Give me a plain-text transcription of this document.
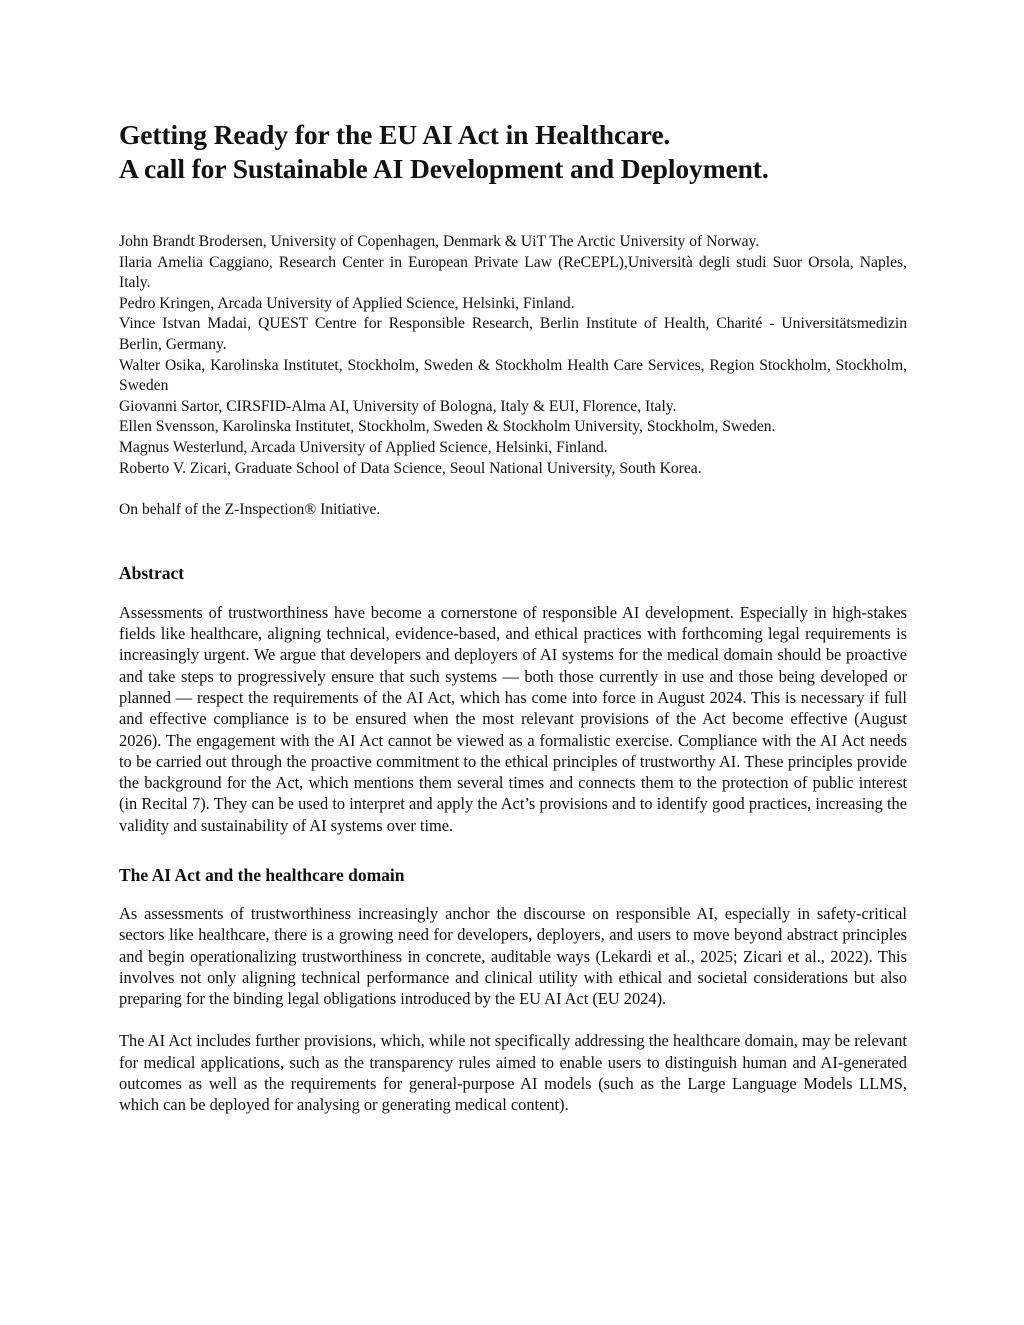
Getting Ready for the EU AI Act in Healthcare.
A call for Sustainable AI Development and Deployment.

John Brandt Brodersen, University of Copenhagen, Denmark & UiT The Arctic University of Norway.

Ilaria Amelia Caggiano, Research Center in European Private Law (ReCEPL),Università degli studi Suor Orsola, Naples, Italy.

Pedro Kringen, Arcada University of Applied Science, Helsinki, Finland.

Vince Istvan Madai, QUEST Centre for Responsible Research, Berlin Institute of Health, Charité - Universitätsmedizin Berlin, Germany.

Walter Osika, Karolinska Institutet, Stockholm, Sweden & Stockholm Health Care Services, Region Stockholm, Stockholm, Sweden

Giovanni Sartor, CIRSFID-Alma AI, University of Bologna, Italy & EUI, Florence, Italy.

Ellen Svensson, Karolinska Institutet, Stockholm, Sweden & Stockholm University, Stockholm, Sweden.

Magnus Westerlund, Arcada University of Applied Science, Helsinki, Finland.

Roberto V. Zicari, Graduate School of Data Science, Seoul National University, South Korea.

On behalf of the Z-Inspection® Initiative.

Abstract

Assessments of trustworthiness have become a cornerstone of responsible AI development. Especially in high-stakes fields like healthcare, aligning technical, evidence-based, and ethical practices with forthcoming legal requirements is increasingly urgent. We argue that developers and deployers of AI systems for the medical domain should be proactive and take steps to progressively ensure that such systems — both those currently in use and those being developed or planned — respect the requirements of the AI Act, which has come into force in August 2024. This is necessary if full and effective compliance is to be ensured when the most relevant provisions of the Act become effective (August 2026). The engagement with the AI Act cannot be viewed as a formalistic exercise. Compliance with the AI Act needs to be carried out through the proactive commitment to the ethical principles of trustworthy AI. These principles provide the background for the Act, which mentions them several times and connects them to the protection of public interest (in Recital 7). They can be used to interpret and apply the Act’s provisions and to identify good practices, increasing the validity and sustainability of AI systems over time.

The AI Act and the healthcare domain

As assessments of trustworthiness increasingly anchor the discourse on responsible AI, especially in safety-critical sectors like healthcare, there is a growing need for developers, deployers, and users to move beyond abstract principles and begin operationalizing trustworthiness in concrete, auditable ways (Lekardi et al., 2025; Zicari et al., 2022). This involves not only aligning technical performance and clinical utility with ethical and societal considerations but also preparing for the binding legal obligations introduced by the EU AI Act (EU 2024).

The AI Act includes further provisions, which, while not specifically addressing the healthcare domain, may be relevant for medical applications, such as the transparency rules aimed to enable users to distinguish human and AI-generated outcomes as well as the requirements for general-purpose AI models (such as the Large Language Models LLMS, which can be deployed for analysing or generating medical content).
